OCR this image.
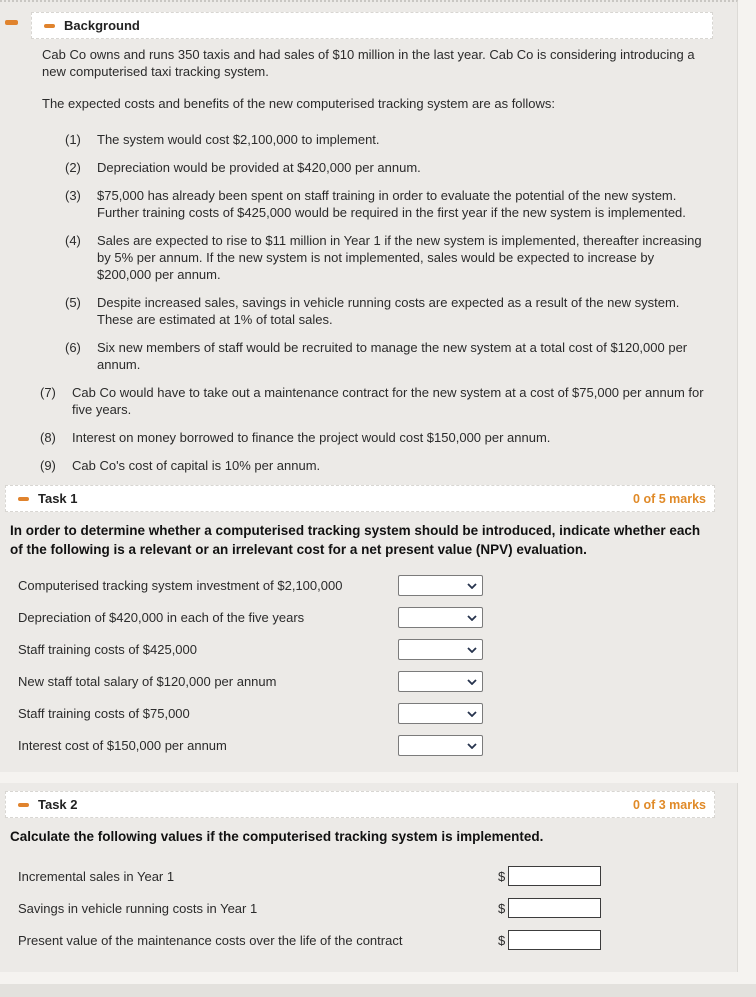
Background
Cab Co owns and runs 350 taxis and had sales of $10 million in the last year. Cab Co is considering introducing a new computerised taxi tracking system.
The expected costs and benefits of the new computerised tracking system are as follows:
(1)	The system would cost $2,100,000 to implement.
(2)	Depreciation would be provided at $420,000 per annum.
(3)	$75,000 has already been spent on staff training in order to evaluate the potential of the new system. Further training costs of $425,000 would be required in the first year if the new system is implemented.
(4)	Sales are expected to rise to $11 million in Year 1 if the new system is implemented, thereafter increasing by 5% per annum. If the new system is not implemented, sales would be expected to increase by $200,000 per annum.
(5)	Despite increased sales, savings in vehicle running costs are expected as a result of the new system. These are estimated at 1% of total sales.
(6)	Six new members of staff would be recruited to manage the new system at a total cost of $120,000 per annum.
(7)	Cab Co would have to take out a maintenance contract for the new system at a cost of $75,000 per annum for five years.
(8)	Interest on money borrowed to finance the project would cost $150,000 per annum.
(9)	Cab Co's cost of capital is 10% per annum.
Task 1	0 of 5 marks
In order to determine whether a computerised tracking system should be introduced, indicate whether each of the following is a relevant or an irrelevant cost for a net present value (NPV) evaluation.
Computerised tracking system investment of $2,100,000
Depreciation of $420,000 in each of the five years
Staff training costs of $425,000
New staff total salary of $120,000 per annum
Staff training costs of $75,000
Interest cost of $150,000 per annum
Task 2	0 of 3 marks
Calculate the following values if the computerised tracking system is implemented.
Incremental sales in Year 1	$
Savings in vehicle running costs in Year 1	$
Present value of the maintenance costs over the life of the contract	$
